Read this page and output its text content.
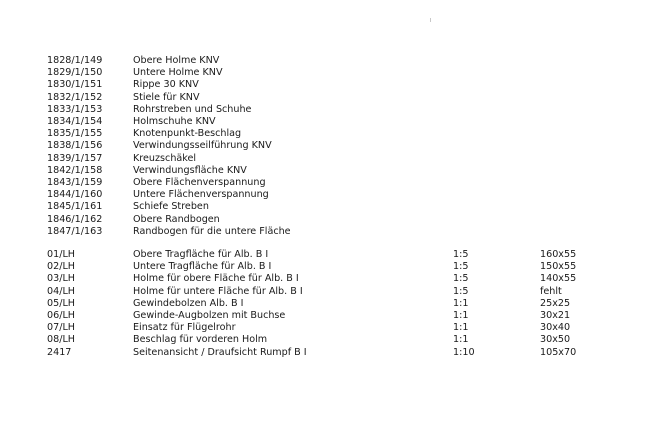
1828/1/149	Obere Holme KNV
1829/1/150	Untere Holme KNV
1830/1/151	Rippe 30 KNV
1832/1/152	Stiele für KNV
1833/1/153	Rohrstreben und Schuhe
1834/1/154	Holmschuhe KNV
1835/1/155	Knotenpunkt-Beschlag
1838/1/156	Verwindungsseilführung KNV
1839/1/157	Kreuzschäkel
1842/1/158	Verwindungsfläche KNV
1843/1/159	Obere Flächenverspannung
1844/1/160	Untere Flächenverspannung
1845/1/161	Schiefe Streben
1846/1/162	Obere Randbogen
1847/1/163	Randbogen für die untere Fläche
01/LH	Obere Tragfläche für Alb. B I	1:5	160x55
02/LH	Untere Tragfläche für Alb. B I	1:5	150x55
03/LH	Holme für obere Fläche für Alb. B I	1:5	140x55
04/LH	Holme für untere Fläche für Alb. B I	1:5	fehlt
05/LH	Gewindebolzen Alb. B I	1:1	25x25
06/LH	Gewinde-Augbolzen mit Buchse	1:1	30x21
07/LH	Einsatz für Flügelrohr	1:1	30x40
08/LH	Beschlag für vorderen Holm	1:1	30x50
2417	Seitenansicht / Draufsicht Rumpf B I	1:10	105x70
